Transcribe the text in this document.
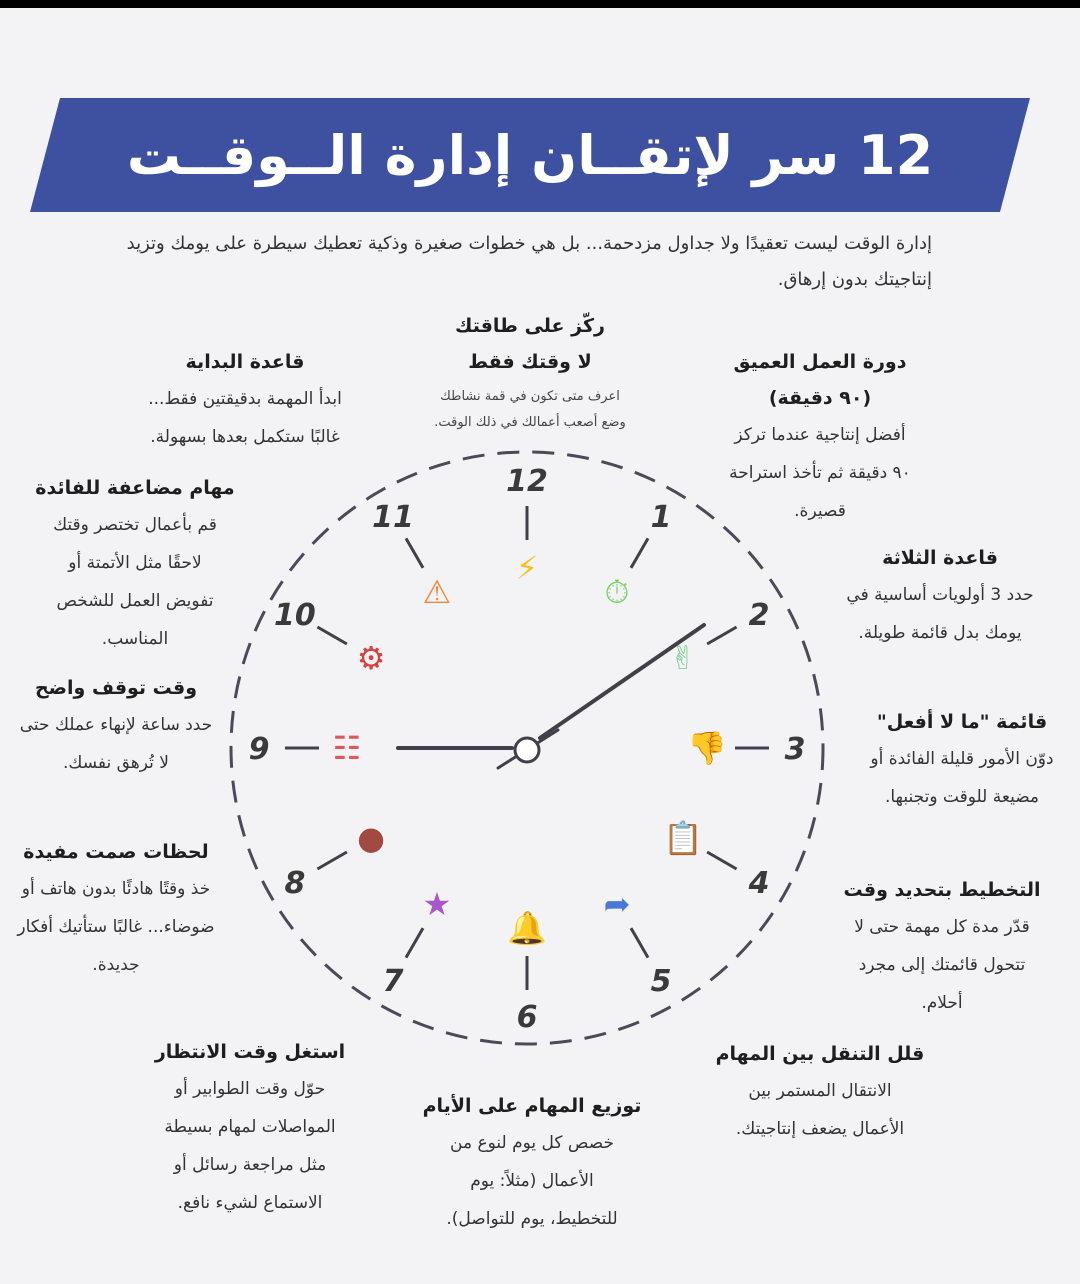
12 سر لإتقــان إدارة الــوقــت
إدارة الوقت ليست تعقيدًا ولا جداول مزدحمة... بل هي خطوات صغيرة وذكية تعطيك سيطرة على يومك وتزيد إنتاجيتك بدون إرهاق.
12
1
2
3
4
5
6
7
8
9
10
11
⚡
⏱
✌
👎
📋
➦
🔔
★
●
☷
⚙
⚠
ركّز على طاقتك
لا وقتك فقط
اعرف متى تكون في قمة نشاطك
وضع أصعب أعمالك في ذلك الوقت.
دورة العمل العميق
(٩٠ دقيقة)
أفضل إنتاجية عندما تركز
٩٠ دقيقة ثم تأخذ استراحة
قصيرة.
قاعدة الثلاثة
حدد 3 أولويات أساسية في
يومك بدل قائمة طويلة.
قائمة "ما لا أفعل"
دوّن الأمور قليلة الفائدة أو
مضيعة للوقت وتجنبها.
التخطيط بتحديد وقت
قدّر مدة كل مهمة حتى لا
تتحول قائمتك إلى مجرد
أحلام.
قلل التنقل بين المهام
الانتقال المستمر بين
الأعمال يضعف إنتاجيتك.
توزيع المهام على الأيام
خصص كل يوم لنوع من
الأعمال (مثلاً: يوم
للتخطيط، يوم للتواصل).
استغل وقت الانتظار
حوّل وقت الطوابير أو
المواصلات لمهام بسيطة
مثل مراجعة رسائل أو
الاستماع لشيء نافع.
لحظات صمت مفيدة
خذ وقتًا هادئًا بدون هاتف أو
ضوضاء... غالبًا ستأتيك أفكار
جديدة.
وقت توقف واضح
حدد ساعة لإنهاء عملك حتى
لا تُرهق نفسك.
مهام مضاعفة للفائدة
قم بأعمال تختصر وقتك
لاحقًا مثل الأتمتة أو
تفويض العمل للشخص
المناسب.
قاعدة البداية
ابدأ المهمة بدقيقتين فقط...
غالبًا ستكمل بعدها بسهولة.
